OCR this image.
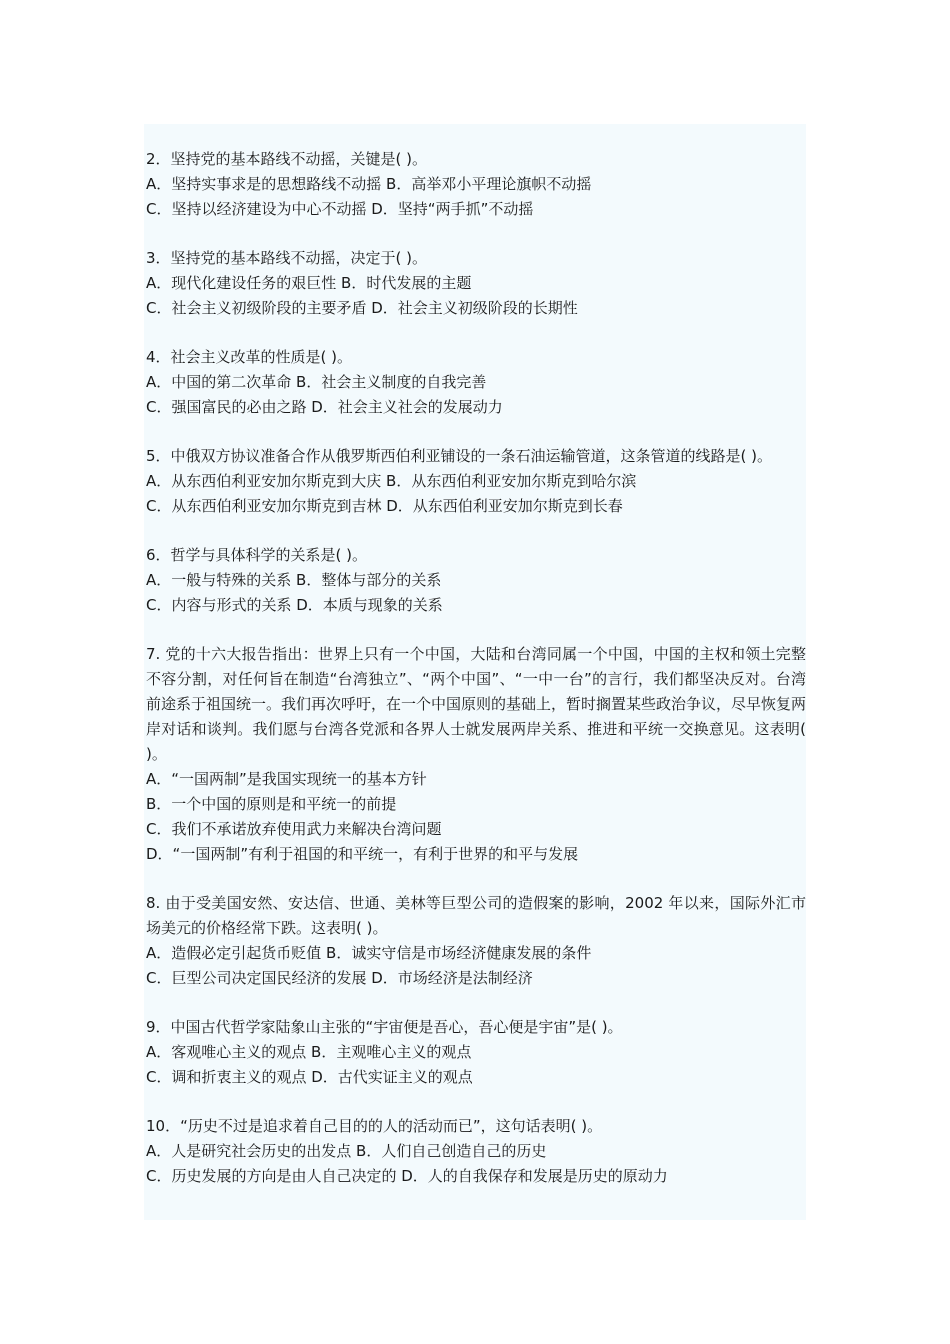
2．坚持党的基本路线不动摇，关键是( )。
A．坚持实事求是的思想路线不动摇 B．高举邓小平理论旗帜不动摇
C．坚持以经济建设为中心不动摇 D．坚持“两手抓”不动摇
3．坚持党的基本路线不动摇，决定于( )。
A．现代化建设任务的艰巨性 B．时代发展的主题
C．社会主义初级阶段的主要矛盾 D．社会主义初级阶段的长期性
4．社会主义改革的性质是( )。
A．中国的第二次革命 B．社会主义制度的自我完善
C．强国富民的必由之路 D．社会主义社会的发展动力
5．中俄双方协议准备合作从俄罗斯西伯利亚铺设的一条石油运输管道，这条管道的线路是( )。
A．从东西伯利亚安加尔斯克到大庆 B．从东西伯利亚安加尔斯克到哈尔滨
C．从东西伯利亚安加尔斯克到吉林 D．从东西伯利亚安加尔斯克到长春
6．哲学与具体科学的关系是( )。
A．一般与特殊的关系 B．整体与部分的关系
C．内容与形式的关系 D．本质与现象的关系
7. 党的十六大报告指出：世界上只有一个中国，大陆和台湾同属一个中国，中国的主权和领土完整不容分割，对任何旨在制造“台湾独立”、“两个中国”、“一中一台”的言行，我们都坚决反对。台湾前途系于祖国统一。我们再次呼吁，在一个中国原则的基础上，暂时搁置某些政治争议，尽早恢复两岸对话和谈判。我们愿与台湾各党派和各界人士就发展两岸关系、推进和平统一交换意见。这表明( )。
A．“一国两制”是我国实现统一的基本方针
B．一个中国的原则是和平统一的前提
C．我们不承诺放弃使用武力来解决台湾问题
D．“一国两制”有利于祖国的和平统一，有利于世界的和平与发展
8. 由于受美国安然、安达信、世通、美林等巨型公司的造假案的影响，2002 年以来，国际外汇市场美元的价格经常下跌。这表明( )。
A．造假必定引起货币贬值 B．诚实守信是市场经济健康发展的条件
C．巨型公司决定国民经济的发展 D．市场经济是法制经济
9．中国古代哲学家陆象山主张的“宇宙便是吾心，吾心便是宇宙”是( )。
A．客观唯心主义的观点 B．主观唯心主义的观点
C．调和折衷主义的观点 D．古代实证主义的观点
10．“历史不过是追求着自己目的的人的活动而已”，这句话表明( )。
A．人是研究社会历史的出发点 B．人们自己创造自己的历史
C．历史发展的方向是由人自己决定的 D．人的自我保存和发展是历史的原动力
